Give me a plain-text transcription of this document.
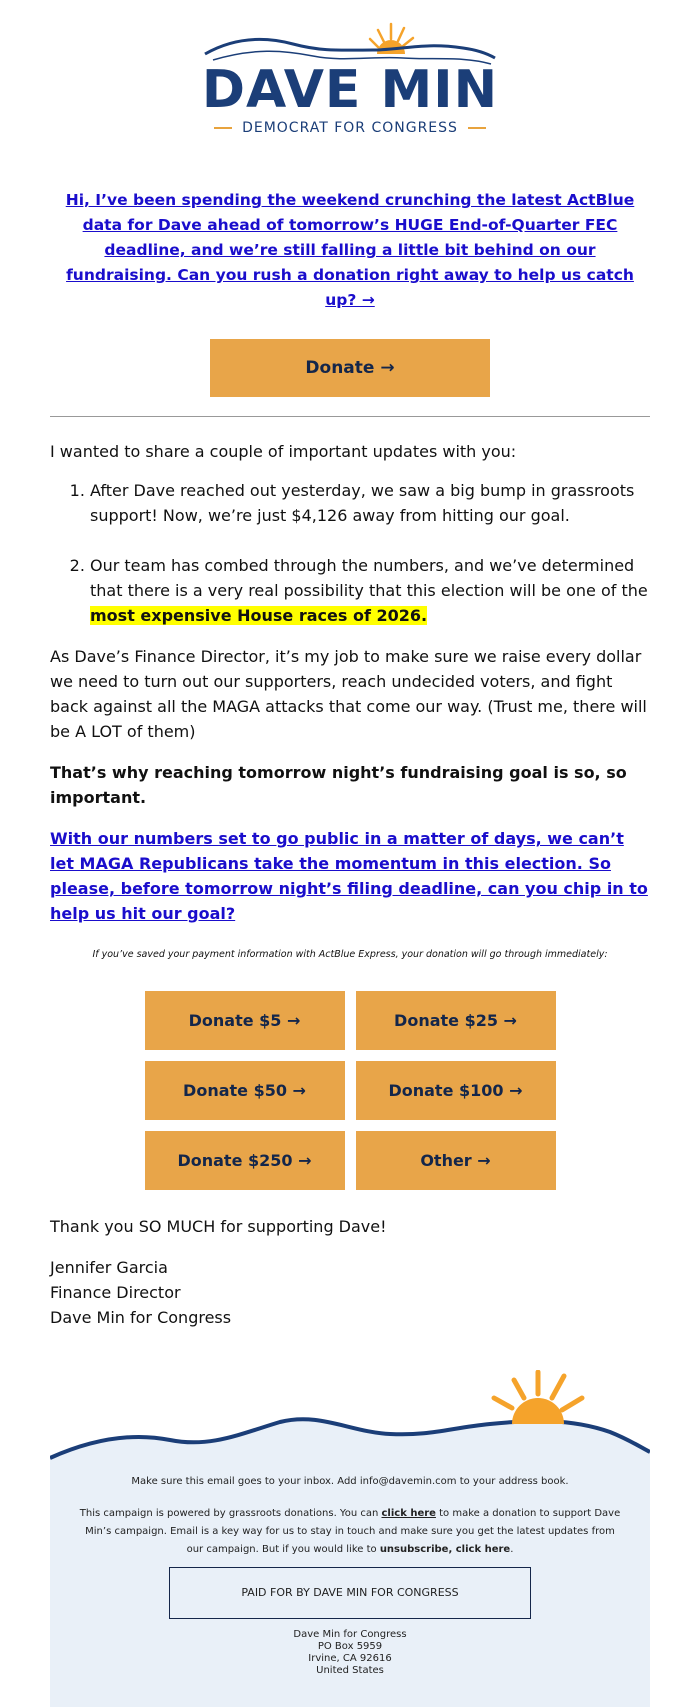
DAVE MIN
DEMOCRAT FOR CONGRESS
Hi, I’ve been spending the weekend crunching the latest ActBlue data for Dave ahead of tomorrow’s HUGE End-of-Quarter FEC deadline, and we’re still falling a little bit behind on our fundraising. Can you rush a donation right away to help us catch up? →
Donate →

I wanted to share a couple of important updates with you:

1. After Dave reached out yesterday, we saw a big bump in grassroots support! Now, we’re just $4,126 away from hitting our goal.
2. Our team has combed through the numbers, and we’ve determined that there is a very real possibility that this election will be one of the most expensive House races of 2026.

As Dave’s Finance Director, it’s my job to make sure we raise every dollar we need to turn out our supporters, reach undecided voters, and fight back against all the MAGA attacks that come our way. (Trust me, there will be A LOT of them)

That’s why reaching tomorrow night’s fundraising goal is so, so important.

With our numbers set to go public in a matter of days, we can’t let MAGA Republicans take the momentum in this election. So please, before tomorrow night’s filing deadline, can you chip in to help us hit our goal?

If you’ve saved your payment information with ActBlue Express, your donation will go through immediately:

Donate $5 →	Donate $25 →
Donate $50 →	Donate $100 →
Donate $250 →	Other →

Thank you SO MUCH for supporting Dave!

Jennifer Garcia

Finance Director

Dave Min for Congress

Make sure this email goes to your inbox. Add info@davemin.com to your address book.
This campaign is powered by grassroots donations. You can click here to make a donation to support Dave Min’s campaign. Email is a key way for us to stay in touch and make sure you get the latest updates from our campaign. But if you would like to unsubscribe, click here.
PAID FOR BY DAVE MIN FOR CONGRESS
Dave Min for Congress
PO Box 5959
Irvine, CA 92616
United States
